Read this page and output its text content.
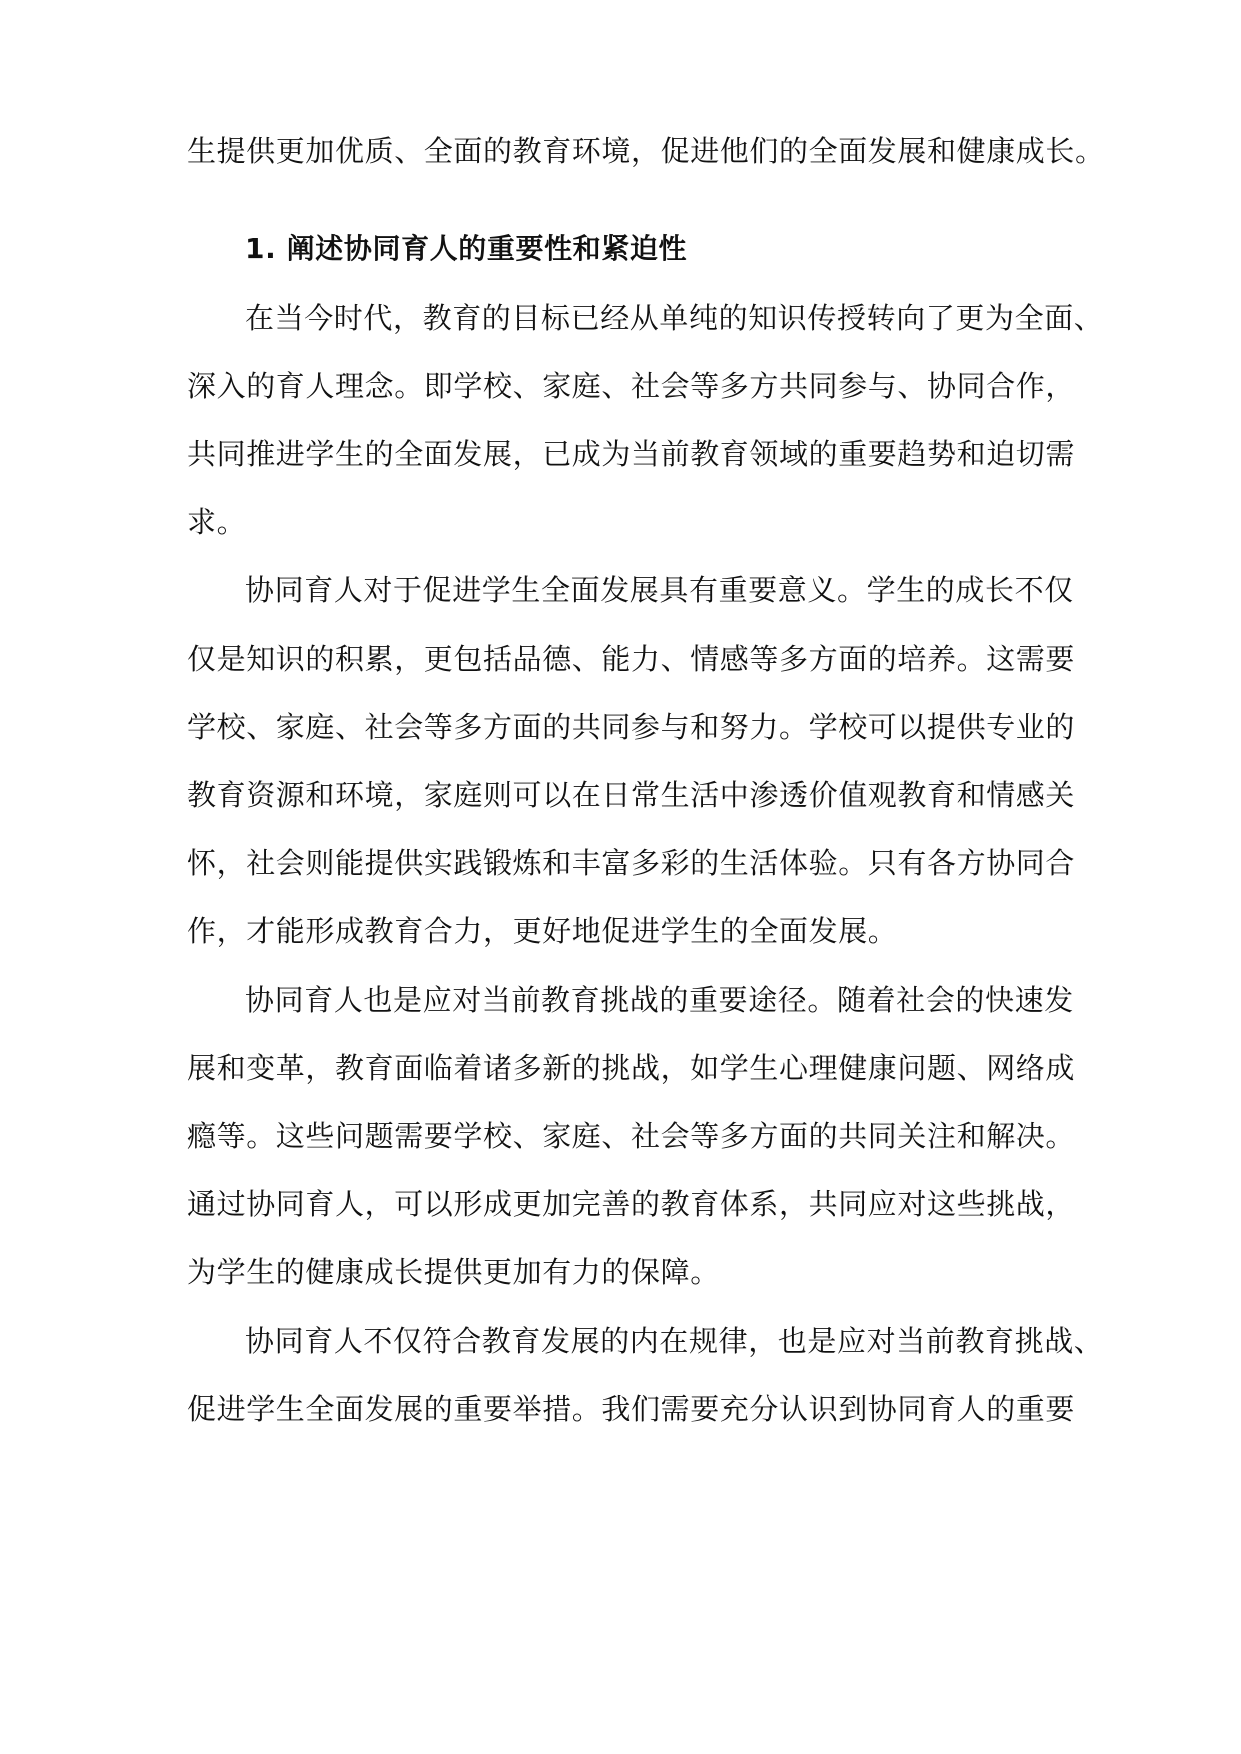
生提供更加优质、全面的教育环境，促进他们的全面发展和健康成长。
1. 阐述协同育人的重要性和紧迫性
在当今时代，教育的目标已经从单纯的知识传授转向了更为全面、
深入的育人理念。即学校、家庭、社会等多方共同参与、协同合作，
共同推进学生的全面发展，已成为当前教育领域的重要趋势和迫切需
求。
协同育人对于促进学生全面发展具有重要意义。学生的成长不仅
仅是知识的积累，更包括品德、能力、情感等多方面的培养。这需要
学校、家庭、社会等多方面的共同参与和努力。学校可以提供专业的
教育资源和环境，家庭则可以在日常生活中渗透价值观教育和情感关
怀，社会则能提供实践锻炼和丰富多彩的生活体验。只有各方协同合
作，才能形成教育合力，更好地促进学生的全面发展。
协同育人也是应对当前教育挑战的重要途径。随着社会的快速发
展和变革，教育面临着诸多新的挑战，如学生心理健康问题、网络成
瘾等。这些问题需要学校、家庭、社会等多方面的共同关注和解决。
通过协同育人，可以形成更加完善的教育体系，共同应对这些挑战，
为学生的健康成长提供更加有力的保障。
协同育人不仅符合教育发展的内在规律，也是应对当前教育挑战、
促进学生全面发展的重要举措。我们需要充分认识到协同育人的重要
